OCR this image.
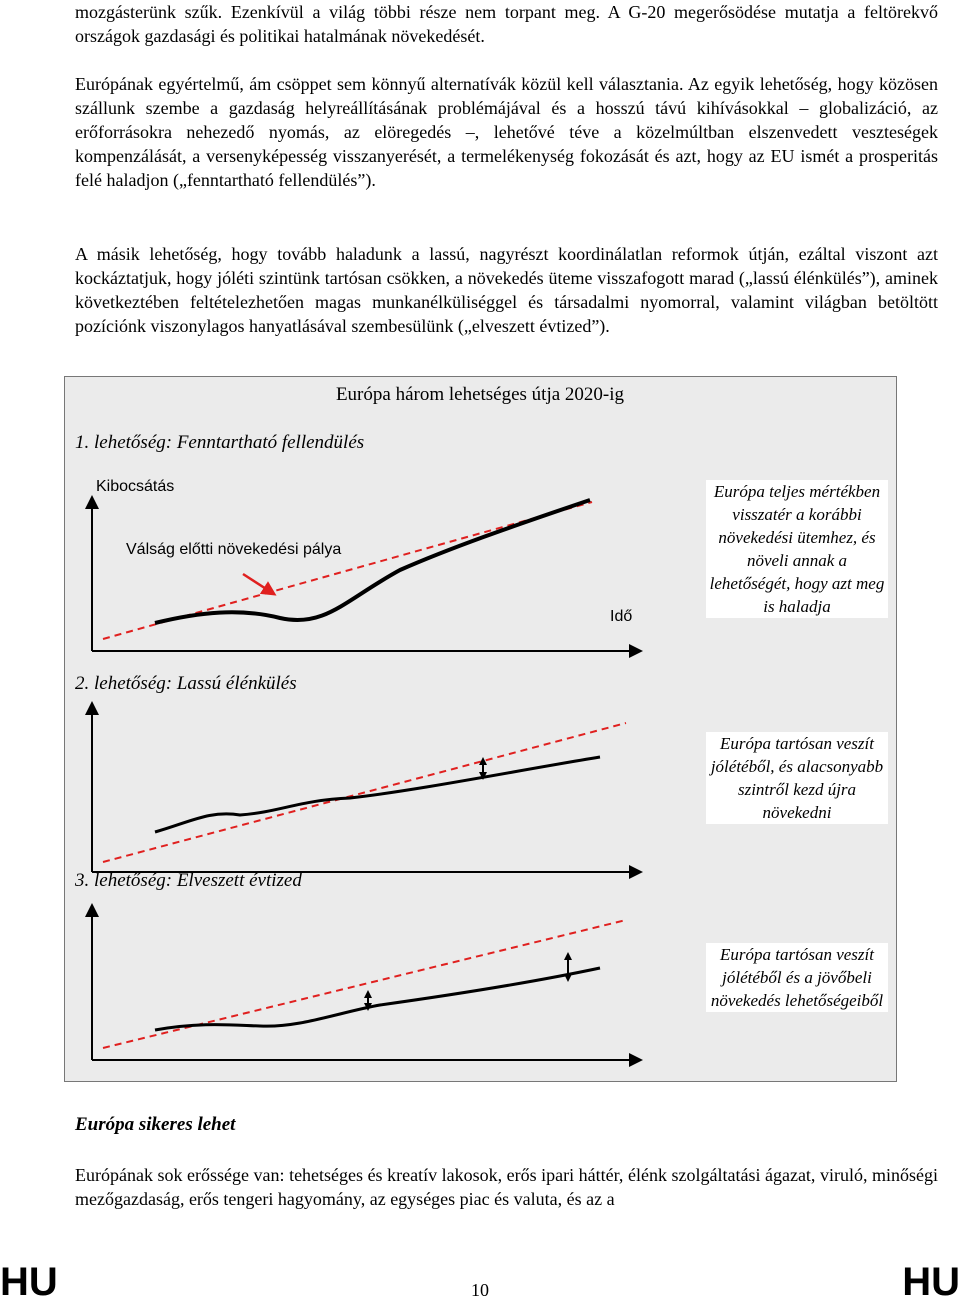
mozgásterünk szűk. Ezenkívül a világ többi része nem torpant meg. A G-20 megerősödése mutatja a feltörekvő országok gazdasági és politikai hatalmának növekedését.

Európának egyértelmű, ám csöppet sem könnyű alternatívák közül kell választania. Az egyik lehetőség, hogy közösen szállunk szembe a gazdaság helyreállításának problémájával és a hosszú távú kihívásokkal – globalizáció, az erőforrásokra nehezedő nyomás, az elöregedés –, lehetővé téve a közelmúltban elszenvedett veszteségek kompenzálását, a versenyképesség visszanyerését, a termelékenység fokozását és azt, hogy az EU ismét a prosperitás felé haladjon („fenntartható fellendülés”).

A másik lehetőség, hogy tovább haladunk a lassú, nagyrészt koordinálatlan reformok útján, ezáltal viszont azt kockáztatjuk, hogy jóléti szintünk tartósan csökken, a növekedés üteme visszafogott marad („lassú élénkülés”), aminek következtében feltételezhetően magas munkanélküliséggel és társadalmi nyomorral, valamint világban betöltött pozíciónk viszonylagos hanyatlásával szembesülünk („elveszett évtized”).

Európa három lehetséges útja 2020-ig
1. lehetőség: Fenntartható fellendülés
2. lehetőség: Lassú élénkülés
3. lehetőség: Elveszett évtized
Kibocsátás
Válság előtti növekedési pálya
Idő
Európa teljes mértékben visszatér a korábbi növekedési ütemhez, és növeli annak a lehetőségét, hogy azt meg is haladja
Európa tartósan veszít jólétéből, és alacsonyabb szintről kezd újra növekedni
Európa tartósan veszít jólétéből és a jövőbeli növekedés lehetőségeiből
Európa sikeres lehet

Európának sok erőssége van: tehetséges és kreatív lakosok, erős ipari háttér, élénk szolgáltatási ágazat, viruló, minőségi mezőgazdaság, erős tengeri hagyomány, az egységes piac és valuta, és az a

HU	10	HU
